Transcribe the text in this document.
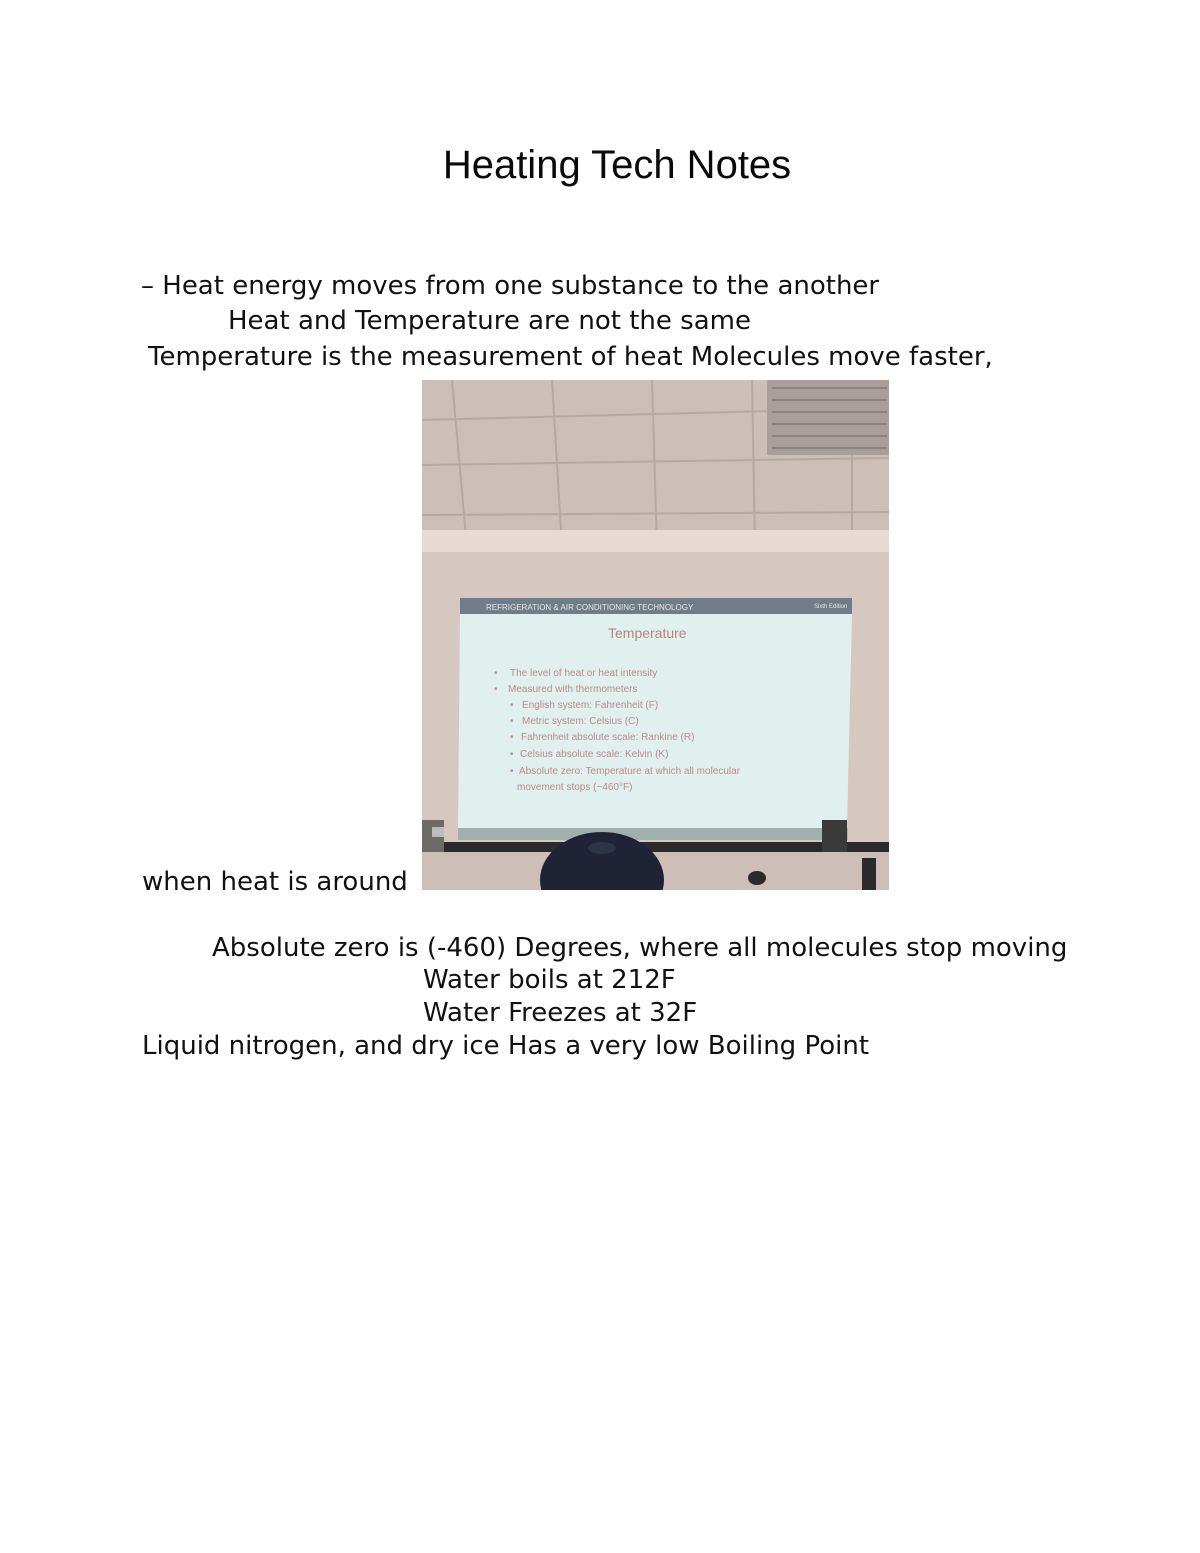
Heating Tech Notes
– Heat energy moves from one substance to the another
Heat and Temperature are not the same
Temperature is the measurement of heat Molecules move faster,
REFRIGERATION & AIR CONDITIONING TECHNOLOGY	Sixth Edition
Temperature
• The level of heat or heat intensity
• Measured with thermometers
• English system: Fahrenheit (F)
• Metric system: Celsius (C)
• Fahrenheit absolute scale: Rankine (R)
• Celsius absolute scale: Kelvin (K)
• Absolute zero: Temperature at which all molecular
movement stops (−460°F)
when heat is around
Absolute zero is (-460) Degrees, where all molecules stop moving
Water boils at 212F
Water Freezes at 32F
Liquid nitrogen, and dry ice Has a very low Boiling Point
